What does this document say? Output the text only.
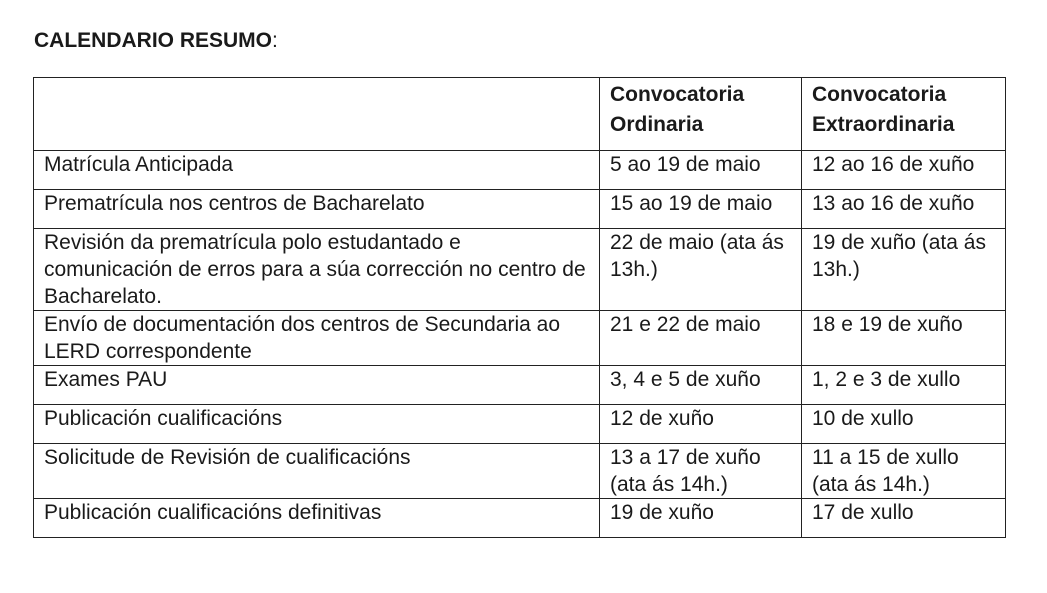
CALENDARIO RESUMO:
	Convocatoria Ordinaria	Convocatoria Extraordinaria
Matrícula Anticipada	5 ao 19 de maio	12 ao 16 de xuño
Prematrícula nos centros de Bacharelato	15 ao 19 de maio	13 ao 16 de xuño
Revisión da prematrícula polo estudantado e comunicación de erros para a súa corrección no centro de Bacharelato.	22 de maio (ata ás 13h.)	19 de xuño (ata ás 13h.)
Envío de documentación dos centros de Secundaria ao LERD correspondente	21 e 22 de maio	18 e 19 de xuño
Exames PAU	3, 4 e 5 de xuño	1, 2 e 3 de xullo
Publicación cualificacións	12 de xuño	10 de xullo
Solicitude de Revisión de cualificacións	13 a 17 de xuño (ata ás 14h.)	11 a 15 de xullo (ata ás 14h.)
Publicación cualificacións definitivas	19 de xuño	17 de xullo
